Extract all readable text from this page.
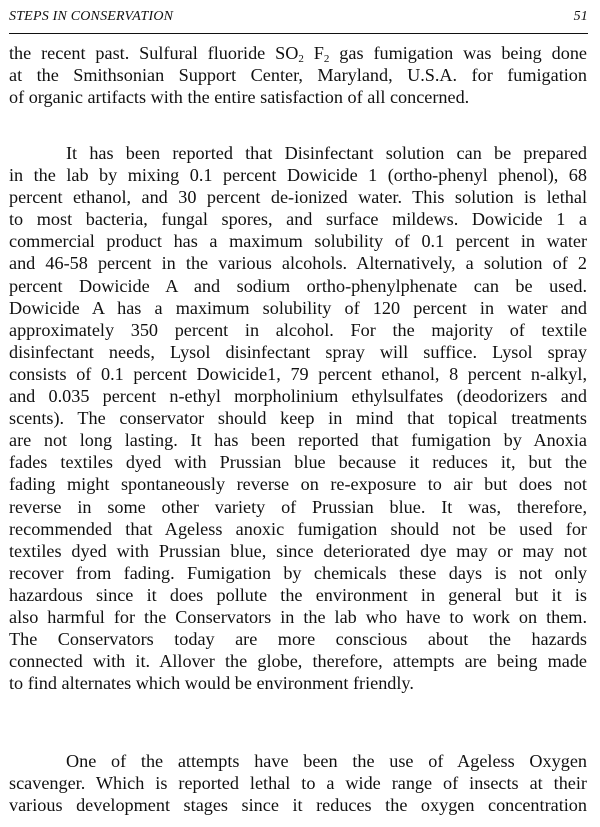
STEPS IN CONSERVATION	51
the recent past. Sulfural fluoride $SO_2$ $F_2$ gas fumigation was being done
at the Smithsonian Support Center, Maryland, U.S.A. for fumigation
of organic artifacts with the entire satisfaction of all concerned.
It has been reported that Disinfectant solution can be prepared
in the lab by mixing 0.1 percent Dowicide 1 (ortho-phenyl phenol), 68
percent ethanol, and 30 percent de-ionized water. This solution is lethal
to most bacteria, fungal spores, and surface mildews. Dowicide 1 a
commercial product has a maximum solubility of 0.1 percent in water
and 46-58 percent in the various alcohols. Alternatively, a solution of 2
percent Dowicide A and sodium ortho-phenylphenate can be used.
Dowicide A has a maximum solubility of 120 percent in water and
approximately 350 percent in alcohol. For the majority of textile
disinfectant needs, Lysol disinfectant spray will suffice. Lysol spray
consists of 0.1 percent Dowicide1, 79 percent ethanol, 8 percent n-alkyl,
and 0.035 percent n-ethyl morpholinium ethylsulfates (deodorizers and
scents). The conservator should keep in mind that topical treatments
are not long lasting. It has been reported that fumigation by Anoxia
fades textiles dyed with Prussian blue because it reduces it, but the
fading might spontaneously reverse on re-exposure to air but does not
reverse in some other variety of Prussian blue. It was, therefore,
recommended that Ageless anoxic fumigation should not be used for
textiles dyed with Prussian blue, since deteriorated dye may or may not
recover from fading. Fumigation by chemicals these days is not only
hazardous since it does pollute the environment in general but it is
also harmful for the Conservators in the lab who have to work on them.
The Conservators today are more conscious about the hazards
connected with it. Allover the globe, therefore, attempts are being made
to find alternates which would be environment friendly.
One of the attempts have been the use of Ageless Oxygen
scavenger. Which is reported lethal to a wide range of insects at their
various development stages since it reduces the oxygen concentration
